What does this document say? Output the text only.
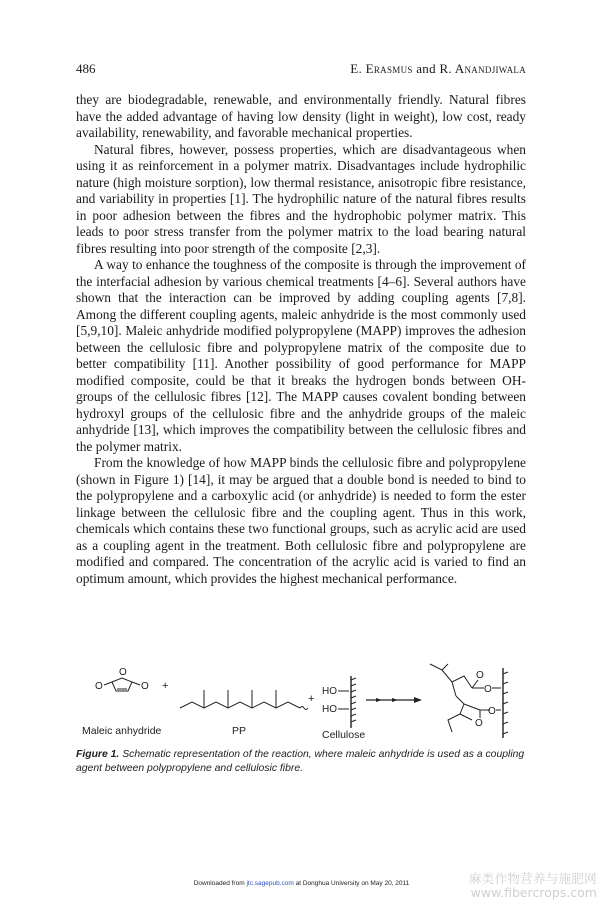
486	E. Erasmus and R. Anandjiwala

they are biodegradable, renewable, and environmentally friendly. Natural fibres have the added advantage of having low density (light in weight), low cost, ready availability, renewability, and favorable mechanical properties.

Natural fibres, however, possess properties, which are disadvantageous when using it as reinforcement in a polymer matrix. Disadvantages include hydrophilic nature (high moisture sorption), low thermal resistance, anisotropic fibre resistance, and variability in properties [1]. The hydrophilic nature of the natural fibres results in poor adhesion between the fibres and the hydrophobic polymer matrix. This leads to poor stress transfer from the polymer matrix to the load bearing natural fibres resulting into poor strength of the composite [2,3].

A way to enhance the toughness of the composite is through the improvement of the interfacial adhesion by various chemical treatments [4–6]. Several authors have shown that the interaction can be improved by adding coupling agents [7,8]. Among the different coupling agents, maleic anhydride is the most commonly used [5,9,10]. Maleic anhydride modified polypropylene (MAPP) improves the adhesion between the cellulosic fibre and polypropylene matrix of the composite due to better compatibility [11]. Another possibility of good performance for MAPP modified composite, could be that it breaks the hydrogen bonds between OH-groups of the cellulosic fibres [12]. The MAPP causes covalent bonding between hydroxyl groups of the cellulosic fibre and the anhydride groups of the maleic anhydride [13], which improves the compatibility between the cellulosic fibres and the polymer matrix.

From the knowledge of how MAPP binds the cellulosic fibre and polypropylene (shown in Figure 1) [14], it may be argued that a double bond is needed to bind to the polypropylene and a carboxylic acid (or anhydride) is needed to form the ester linkage between the cellulosic fibre and the coupling agent. Thus in this work, chemicals which contains these two functional groups, such as acrylic acid are used as a coupling agent in the treatment. Both cellulosic fibre and polypropylene are modified and compared. The concentration of the acrylic acid is varied to find an optimum amount, which provides the highest mechanical performance.

O
O
O +
+
HO
HO
O
O
O
O
Maleic anhydride	PP	Cellulose
Figure 1. Schematic representation of the reaction, where maleic anhydride is used as a coupling agent between polypropylene and cellulosic fibre.
Downloaded from jtc.sagepub.com at Donghua University on May 20, 2011	麻类作物营养与施肥网
www.fibercrops.com
